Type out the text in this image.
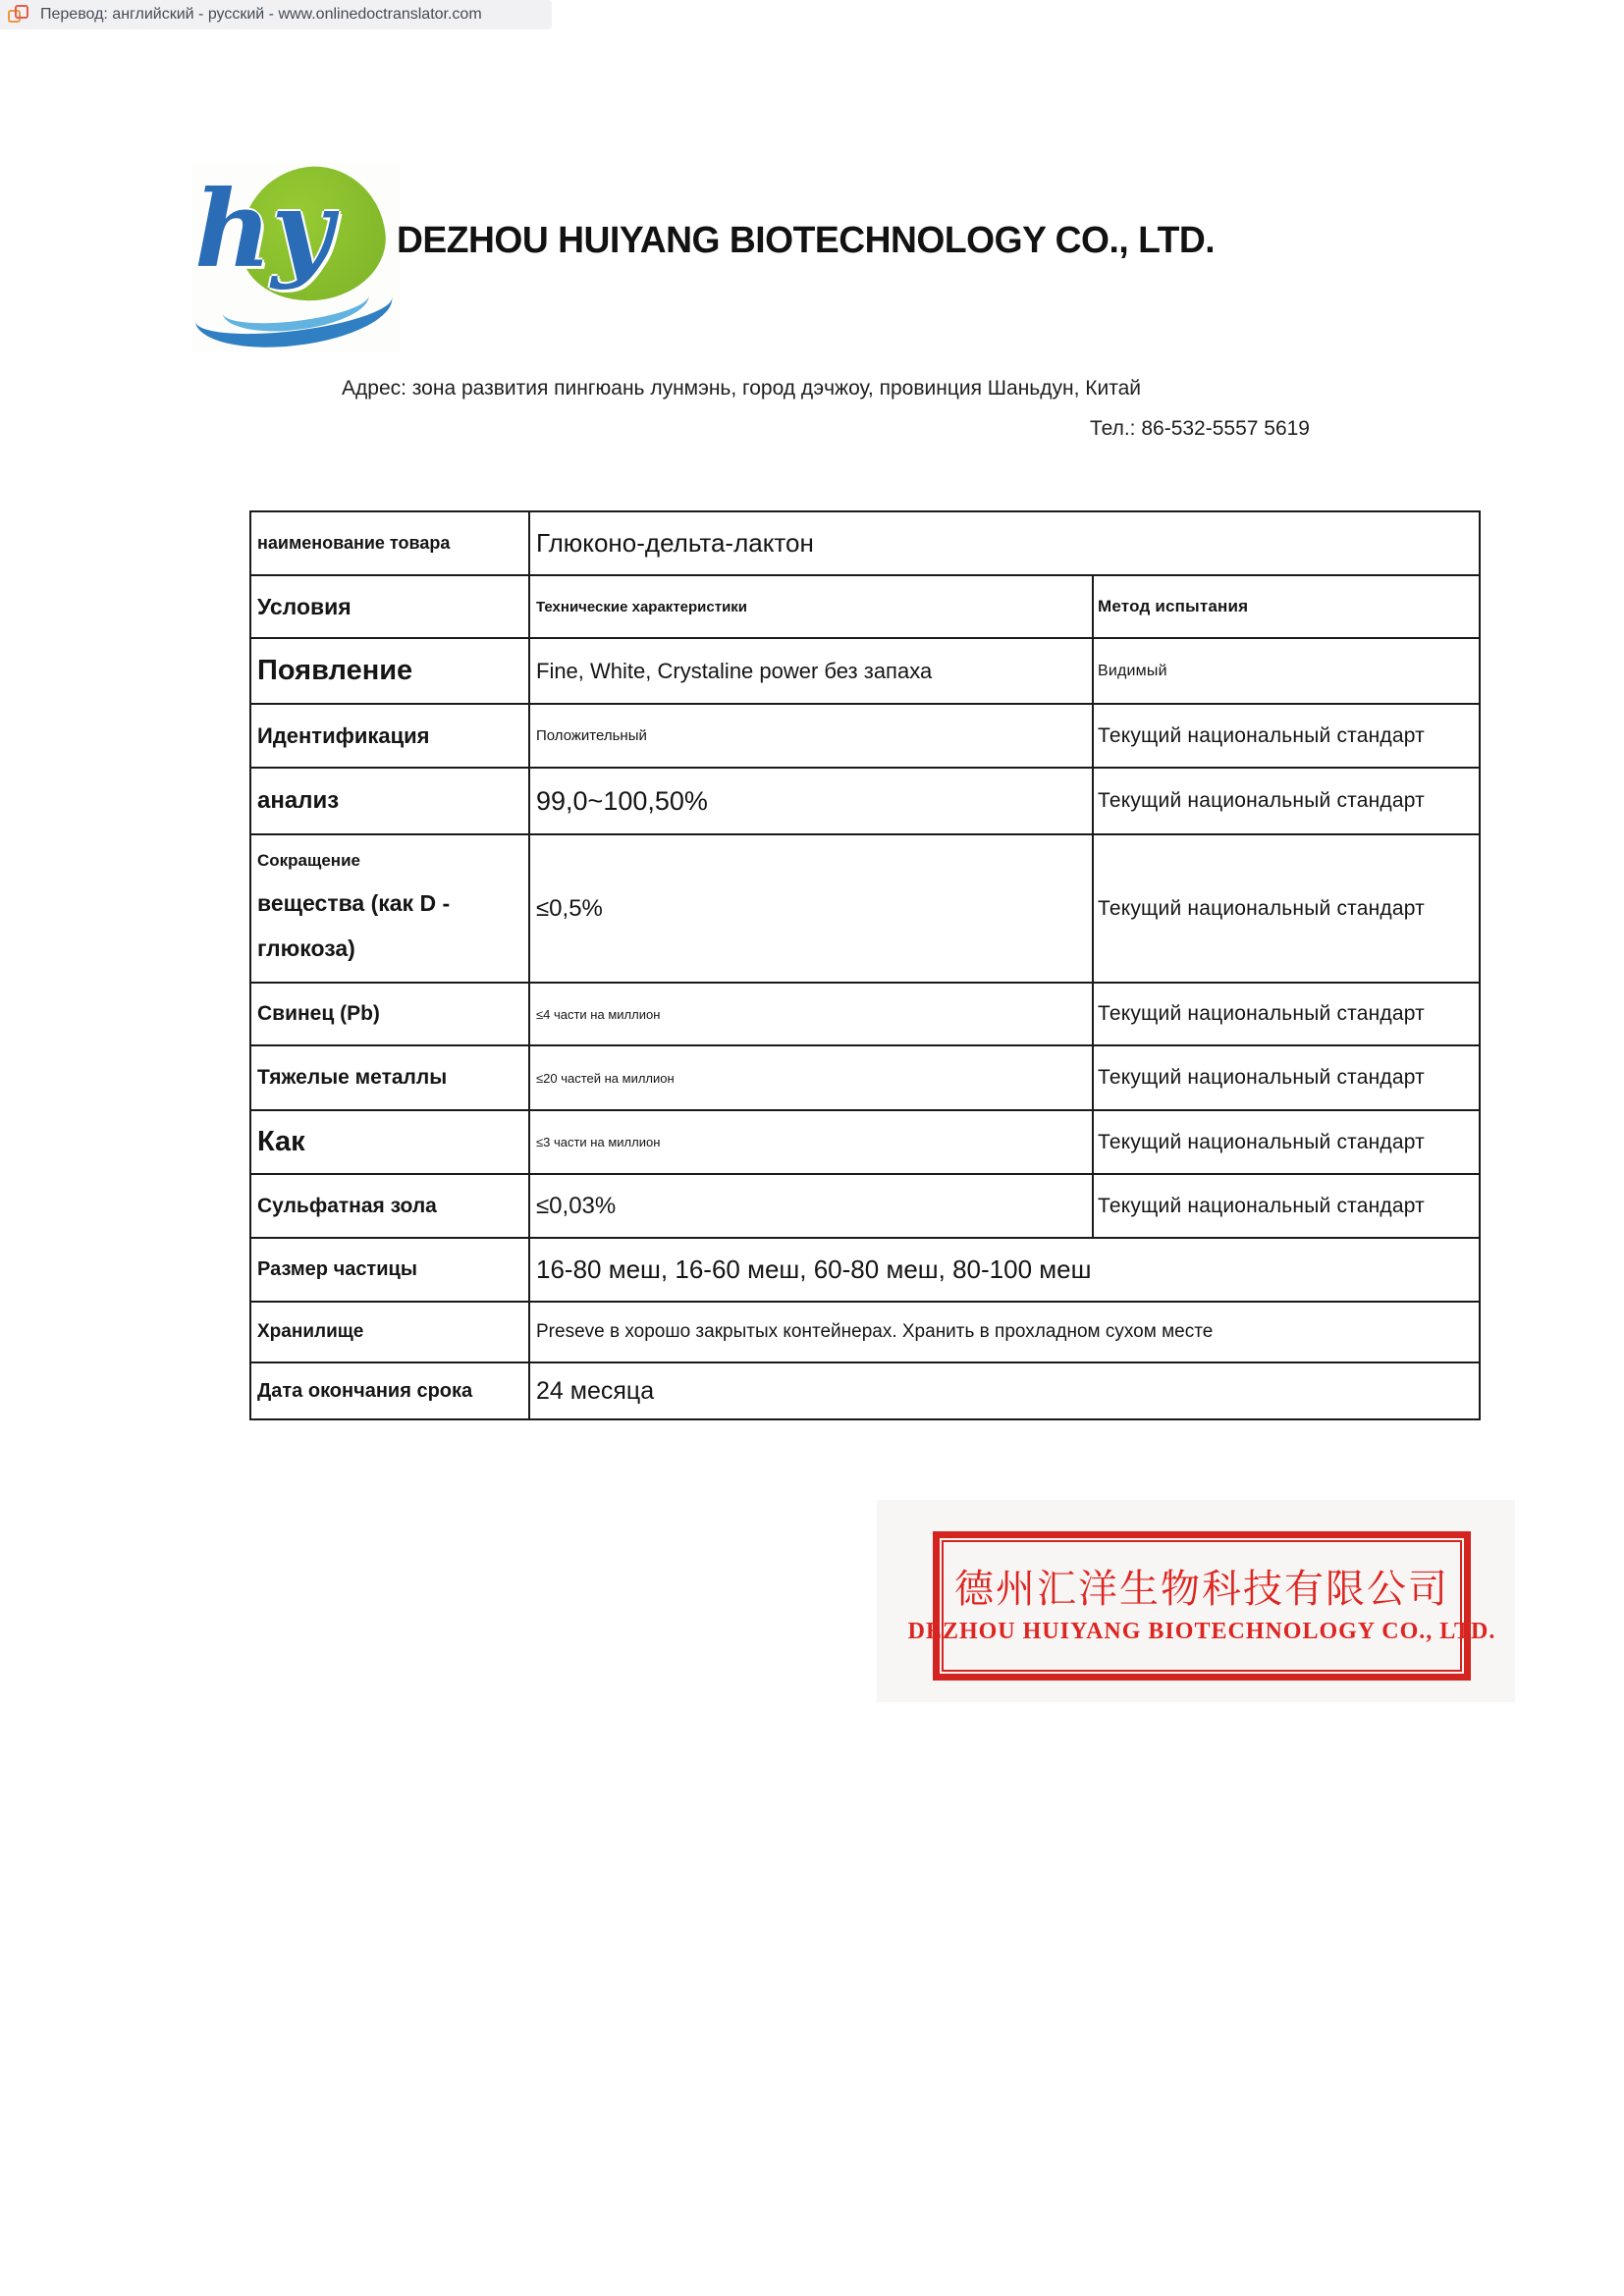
Перевод: английский - русский - www.onlinedoctranslator.com
hy DEZHOU HUIYANG BIOTECHNOLOGY CO., LTD.
Адрес: зона развития пингюань лунмэнь, город дэчжоу, провинция Шаньдун, Китай
Тел.: 86-532-5557 5619
наименование товара	Глюконо-дельта-лактон	
Условия	Технические характеристики	Метод испытания
Появление	Fine, White, Crystaline power без запаха	Видимый
Идентификация	Положительный	Текущий национальный стандарт
анализ	99,0~100,50%	Текущий национальный стандарт

Сокращение
вещества (как D - глюкоза)	≤0,5%	Текущий национальный стандарт
Свинец (Pb)	≤4 части на миллион	Текущий национальный стандарт
Тяжелые металлы	≤20 частей на миллион	Текущий национальный стандарт
Как	≤3 части на миллион	Текущий национальный стандарт
Сульфатная зола	≤0,03%	Текущий национальный стандарт
Размер частицы	16-80 меш, 16-60 меш, 60-80 меш, 80-100 меш	
Хранилище	Preseve в хорошо закрытых контейнерах. Хранить в прохладном сухом месте	
Дата окончания срока	24 месяца	
德州汇洋生物科技有限公司
DEZHOU HUIYANG BIOTECHNOLOGY CO., LTD.
